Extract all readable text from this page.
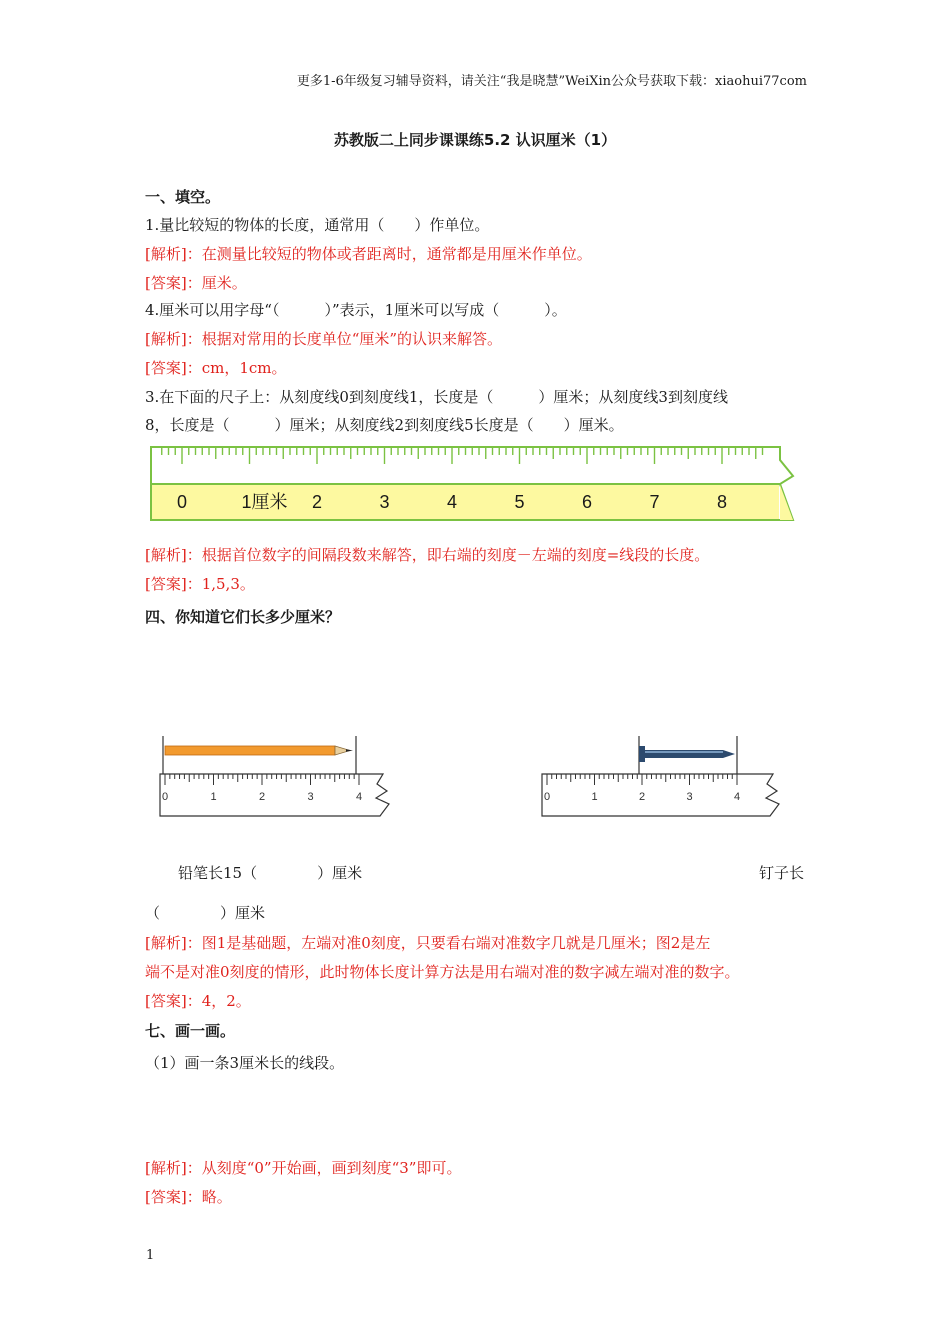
更多1-6年级复习辅导资料，请关注“我是晓慧”WeiXin公众号获取下载：xiaohui77com
苏教版二上同步课课练5.2 认识厘米（1）
一、填空。
1.量比较短的物体的长度，通常用（　　）作单位。
[解析]：在测量比较短的物体或者距离时，通常都是用厘米作单位。
[答案]：厘米。
4.厘米可以用字母“（　　　）”表示，1厘米可以写成（　　　）。
[解析]：根据对常用的长度单位“厘米”的认识来解答。
[答案]：cm，1cm。
3.在下面的尺子上：从刻度线0到刻度线1，长度是（　　　）厘米；从刻度线3到刻度线
8，长度是（　　　）厘米；从刻度线2到刻度线5长度是（　　）厘米。
0	1厘米 2	3	4	5	6	7	8
[解析]：根据首位数字的间隔段数来解答，即右端的刻度－左端的刻度=线段的长度。
[答案]：1,5,3。
四、你知道它们长多少厘米？
0	1	2	3	4	0	1	2	3	4
铅笔长15（　　　　）厘米	钉子长
（　　　　）厘米
[解析]：图1是基础题，左端对准0刻度，只要看右端对准数字几就是几厘米；图2是左
端不是对准0刻度的情形，此时物体长度计算方法是用右端对准的数字减左端对准的数字。
[答案]：4，2。
七、画一画。
（1）画一条3厘米长的线段。
[解析]：从刻度“0”开始画，画到刻度“3”即可。
[答案]：略。
1
